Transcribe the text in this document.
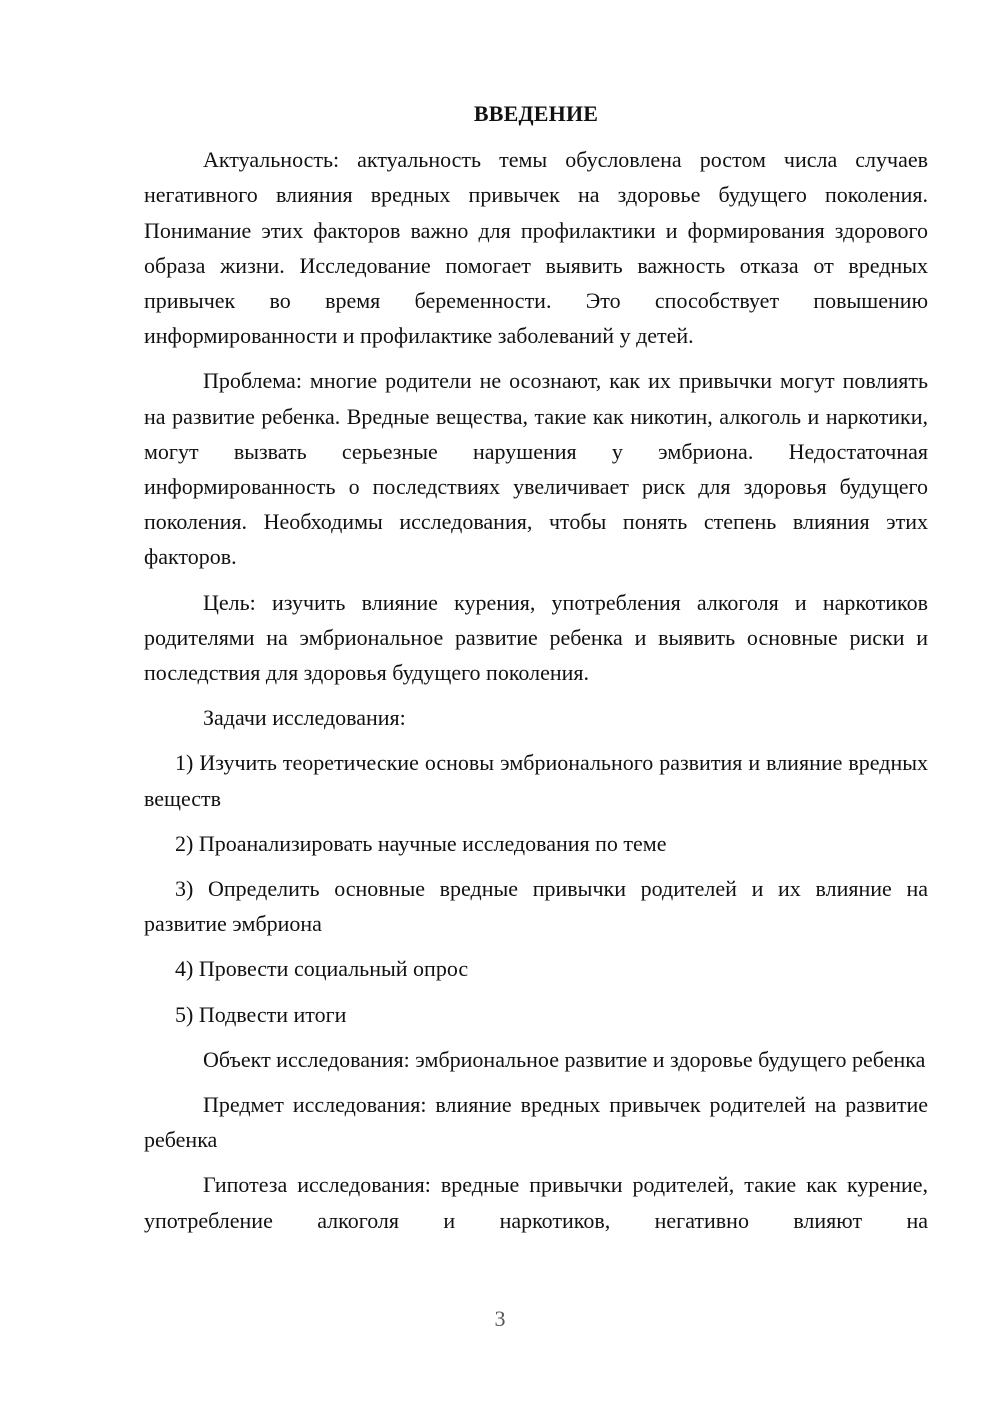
ВВЕДЕНИЕ

Актуальность: актуальность темы обусловлена ростом числа случаев негативного влияния вредных привычек на здоровье будущего поколения. Понимание этих факторов важно для профилактики и формирования здорового образа жизни. Исследование помогает выявить важность отказа от вредных привычек во время беременности. Это способствует повышению информированности и профилактике заболеваний у детей.

Проблема: многие родители не осознают, как их привычки могут повлиять на развитие ребенка. Вредные вещества, такие как никотин, алкоголь и наркотики, могут вызвать серьезные нарушения у эмбриона. Недостаточная информированность о последствиях увеличивает риск для здоровья будущего поколения. Необходимы исследования, чтобы понять степень влияния этих факторов.

Цель: изучить влияние курения, употребления алкоголя и наркотиков родителями на эмбриональное развитие ребенка и выявить основные риски и последствия для здоровья будущего поколения.

Задачи исследования:

1) Изучить теоретические основы эмбрионального развития и влияние вредных веществ

2) Проанализировать научные исследования по теме

3) Определить основные вредные привычки родителей и их влияние на развитие эмбриона

4) Провести социальный опрос

5) Подвести итоги

Объект исследования: эмбриональное развитие и здоровье будущего ребенка

Предмет исследования: влияние вредных привычек родителей на развитие ребенка

Гипотеза исследования: вредные привычки родителей, такие как курение, употребление алкоголя и наркотиков, негативно влияют на

3
